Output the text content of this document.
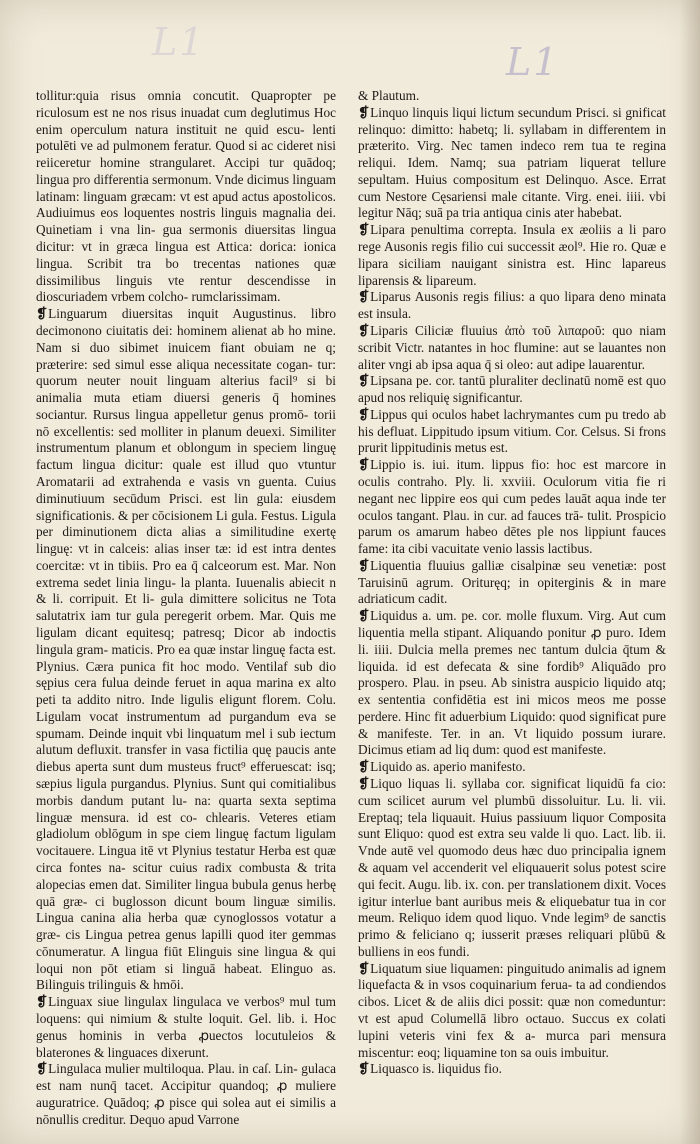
L1	L1

tollitur:quia risus omnia concutit. Quapropter pe riculosum est ne nos risus inuadat cum deglutimus Hoc enim operculum natura instituit ne quid escu- lenti potulēti ve ad pulmonem feratur. Quod si ac cideret nisi reiiceretur homine strangularet. Accipi tur quādoq; lingua pro differentia sermonum. Vnde dicimus linguam latinam: linguam græcam: vt est apud actus apostolicos. Audiuimus eos loquentes nostris linguis magnalia dei. Quinetiam i vna lin- gua sermonis diuersitas lingua dicitur: vt in græca lingua est Attica: dorica: ionica lingua. Scribit tra bo trecentas nationes quæ dissimilibus linguis vte rentur descendisse in dioscuriadem vrbem colcho- rumclarissimam.

❡Linguarum diuersitas inquit Augustinus. libro decimonono ciuitatis dei: hominem alienat ab ho mine. Nam si duo sibimet inuicem fiant obuiam ne q; præterire: sed simul esse aliqua necessitate cogan- tur: quorum neuter nouit linguam alterius facil⁹ si bi animalia muta etiam diuersi generis q̄ homines sociantur. Rursus lingua appelletur genus promō- torii nō excellentis: sed molliter in planum deuexi. Similiter instrumentum planum et oblongum in speciem linguę factum lingua dicitur: quale est illud quo vtuntur Aromatarii ad extrahenda e vasis vn guenta. Cuius diminutiuum secūdum Prisci. est lin gula: eiusdem significationis. & per cōcisionem Li gula. Festus. Ligula per diminutionem dicta alias a similitudine exertę linguę: vt in calceis: alias inser tæ: id est intra dentes coercitæ: vt in tibiis. Pro ea q̄ calceorum est. Mar. Non extrema sedet linia lingu- la planta. Iuuenalis abiecit n & li. corripuit. Et li- gula dimittere solicitus ne Tota salutatrix iam tur gula peregerit orbem. Mar. Quis me ligulam dicant equitesq; patresq; Dicor ab indoctis lingula gram- maticis. Pro ea quæ instar linguę facta est. Plynius. Cæra punica fit hoc modo. Ventilaf sub dio sępius cera fulua deinde feruet in aqua marina ex alto peti ta addito nitro. Inde ligulis eligunt florem. Colu. Ligulam vocat instrumentum ad purgandum eva se spumam. Deinde inquit vbi linquatum mel i sub iectum alutum defluxit. transfer in vasa fictilia quę paucis ante diebus aperta sunt dum musteus fruct⁹ efferuescat: isq; sæpius ligula purgandus. Plynius. Sunt qui comitialibus morbis dandum putant lu- na: quarta sexta septima linguæ mensura. id est co- chlearis. Veteres etiam gladiolum oblōgum in spe ciem linguę factum ligulam vocitauere. Lingua itē vt Plynius testatur Herba est quæ circa fontes na- scitur cuius radix combusta & trita alopecias emen dat. Similiter lingua bubula genus herbę quā græ- ci buglosson dicunt boum linguæ similis. Lingua canina alia herba quæ cynoglossos votatur a græ- cis Lingua petrea genus lapilli quod iter gemmas cōnumeratur. A lingua fiūt Elinguis sine lingua & qui loqui non pōt etiam si linguā habeat. Elinguo as. Bilinguis trilinguis & hmōi.

❡Linguax siue lingulax lingulaca ve verbos⁹ mul tum loquens: qui nimium & stulte loquit. Gel. lib. i. Hoc genus hominis in verba ꝓuectos locutuleios & blaterones & linguaces dixerunt.

❡Lingulaca mulier multiloqua. Plau. in caſ. Lin- gulaca est nam nunq̄ tacet. Accipitur quandoq; ꝓ muliere auguratrice. Quādoq; ꝓ pisce qui solea aut ei similis a nōnullis creditur. Dequo apud Varrone

& Plautum.

❡Linquo linquis liqui lictum secundum Prisci. si gnificat relinquo: dimitto: habetq; li. syllabam in differentem in præterito. Virg. Nec tamen indeco rem tua te regina reliqui. Idem. Namq; sua patriam liquerat tellure sepultam. Huius compositum est Delinquo. Asce. Errat cum Nestore Cęsariensi male citante. Virg. enei. iiii. vbi legitur Nāq; suā pa tria antiqua cinis ater habebat.

❡Lipara penultima correpta. Insula ex æoliis a li paro rege Ausonis regis filio cui successit æol⁹. Hie ro. Quæ e lipara siciliam nauigant sinistra est. Hinc lapareus liparensis & lipareum.

❡Liparus Ausonis regis filius: a quo lipara deno minata est insula.

❡Liparis Ciliciæ fluuius ἀπὸ τοῦ λιπαροῦ: quo niam scribit Victr. natantes in hoc flumine: aut se lauantes non aliter vngi ab ipsa aqua q̄ si oleo: aut adipe lauarentur.

❡Lipsana pe. cor. tantū pluraliter declinatū nomē est quo apud nos reliquię significantur.

❡Lippus qui oculos habet lachrymantes cum pu tredo ab his defluat. Lippitudo ipsum vitium. Cor. Celsus. Si frons prurit lippitudinis metus est.

❡Lippio is. iui. itum. lippus fio: hoc est marcore in oculis contraho. Ply. li. xxviii. Oculorum vitia fie ri negant nec lippire eos qui cum pedes lauāt aqua inde ter oculos tangant. Plau. in cur. ad fauces trā- tulit. Prospicio parum os amarum habeo dētes ple nos lippiunt fauces fame: ita cibi vacuitate venio lassis lactibus.

❡Liquentia fluuius galliæ cisalpinæ seu venetiæ: post Taruisinū agrum. Orituręq; in opiterginis & in mare adriaticum cadit.

❡Liquidus a. um. pe. cor. molle fluxum. Virg. Aut cum liquentia mella stipant. Aliquando ponitur ꝓ puro. Idem li. iiii. Dulcia mella premes nec tantum dulcia q̄tum & liquida. id est defecata & sine fordib⁹ Aliquādo pro prospero. Plau. in pseu. Ab sinistra auspicio liquido atq; ex sententia confidētia est ini micos meos me posse perdere. Hinc fit aduerbium Liquido: quod significat pure & manifeste. Ter. in an. Vt liquido possum iurare. Dicimus etiam ad liq dum: quod est manifeste.

❡Liquido as. aperio manifesto.

❡Liquo liquas li. syllaba cor. significat liquidū fa cio: cum scilicet aurum vel plumbū dissoluitur. Lu. li. vii. Ereptaq; tela liquauit. Huius passiuum liquor Composita sunt Eliquo: quod est extra seu valde li quo. Lact. lib. ii. Vnde autē vel quomodo deus hæc duo principalia ignem & aquam vel accenderit vel eliquauerit solus potest scire qui fecit. Augu. lib. ix. con. per translationem dixit. Voces igitur interlue bant auribus meis & eliquebatur tua in cor meum. Reliquo idem quod liquo. Vnde legim⁹ de sanctis primo & feliciano q; iusserit præses reliquari plūbū & bulliens in eos fundi.

❡Liquatum siue liquamen: pinguitudo animalis ad ignem liquefacta & in vsos coquinarium ferua- ta ad condiendos cibos. Licet & de aliis dici possit: quæ non comeduntur: vt est apud Columellā libro octauo. Succus ex colati lupini veteris vini fex & a- murca pari mensura miscentur: eoq; liquamine ton sa ouis imbuitur.

❡Liquasco is. liquidus fio.
